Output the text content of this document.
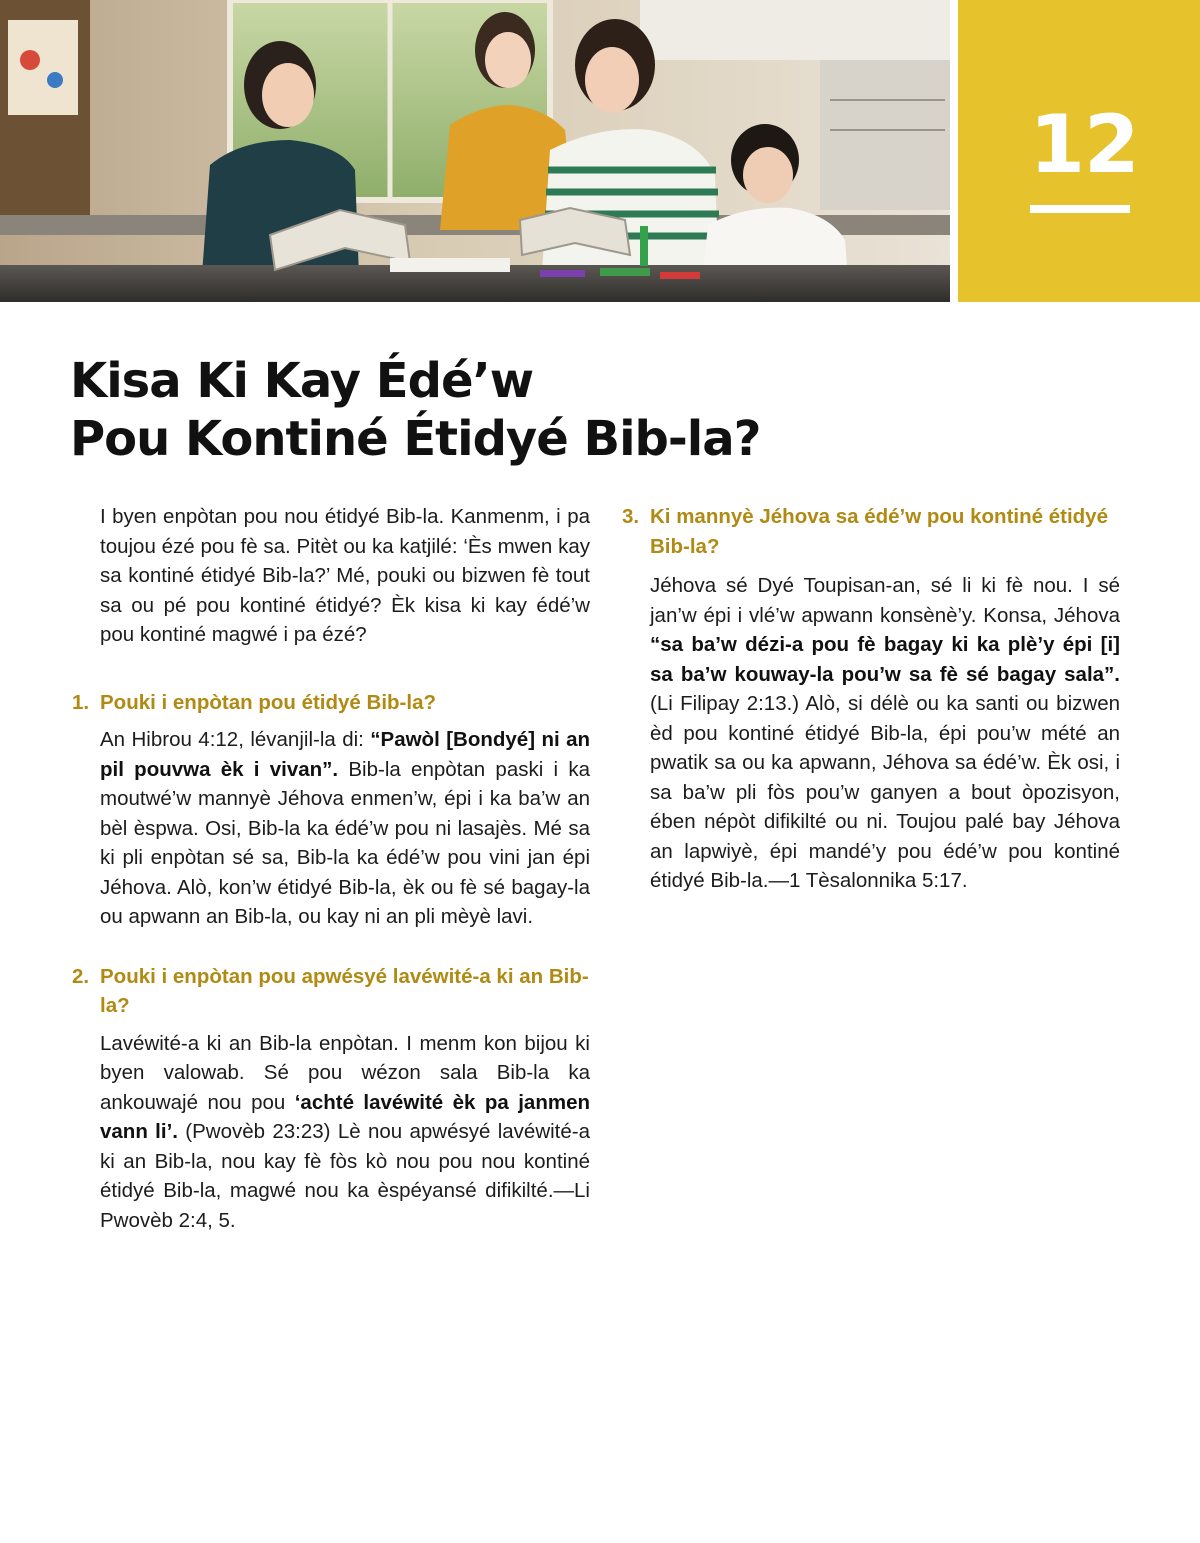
12
Kisa Ki Kay Édé’w
Pou Kontiné Étidyé Bib-la?

I byen enpòtan pou nou étidyé Bib-la. Kanmenm, i pa toujou ézé pou fè sa. Pitèt ou ka katjilé: ‘Ès mwen kay sa kontiné étidyé Bib-la?’ Mé, pouki ou bizwen fè tout sa ou pé pou kontiné étidyé? Èk kisa ki kay édé’w pou kontiné magwé i pa ézé?

1. Pouki i enpòtan pou étidyé Bib-la?

An Hibrou 4:12, lévanjil-la di: “Pawòl [Bondyé] ni an pil pouvwa èk i vivan”. Bib-la enpòtan paski i ka moutwé’w mannyè Jéhova enmen’w, épi i ka ba’w an bèl èspwa. Osi, Bib-la ka édé’w pou ni lasajès. Mé sa ki pli enpòtan sé sa, Bib-la ka édé’w pou vini jan épi Jéhova. Alò, kon’w étidyé Bib-la, èk ou fè sé bagay-la ou apwann an Bib-la, ou kay ni an pli mèyè lavi.

2. Pouki i enpòtan pou apwésyé lavéwité-a ki an Bib-la?

Lavéwité-a ki an Bib-la enpòtan. I menm kon bijou ki byen valowab. Sé pou wézon sala Bib-la ka ankouwajé nou pou ‘achté lavéwité èk pa janmen vann li’. (Pwovèb 23:23) Lè nou apwésyé lavéwité-a ki an Bib-la, nou kay fè fòs kò nou pou nou kontiné étidyé Bib-la, magwé nou ka èspéyansé difikilté.—Li Pwovèb 2:4, 5.

3. Ki mannyè Jéhova sa édé’w pou kontiné étidyé Bib-la?

Jéhova sé Dyé Toupisan-an, sé li ki fè nou. I sé jan’w épi i vlé’w apwann konsènè’y. Konsa, Jéhova “sa ba’w dézi-a pou fè bagay ki ka plè’y épi [i] sa ba’w kouway-la pou’w sa fè sé bagay sala”. (Li Filipay 2:13.) Alò, si délè ou ka santi ou bizwen èd pou kontiné étidyé Bib-la, épi pou’w mété an pwatik sa ou ka apwann, Jéhova sa édé’w. Èk osi, i sa ba’w pli fòs pou’w ganyen a bout òpozisyon, ében népòt difikilté ou ni. Toujou palé bay Jéhova an lapwiyè, épi mandé’y pou édé’w pou kontiné étidyé Bib-la.—1 Tèsalonnika 5:17.
